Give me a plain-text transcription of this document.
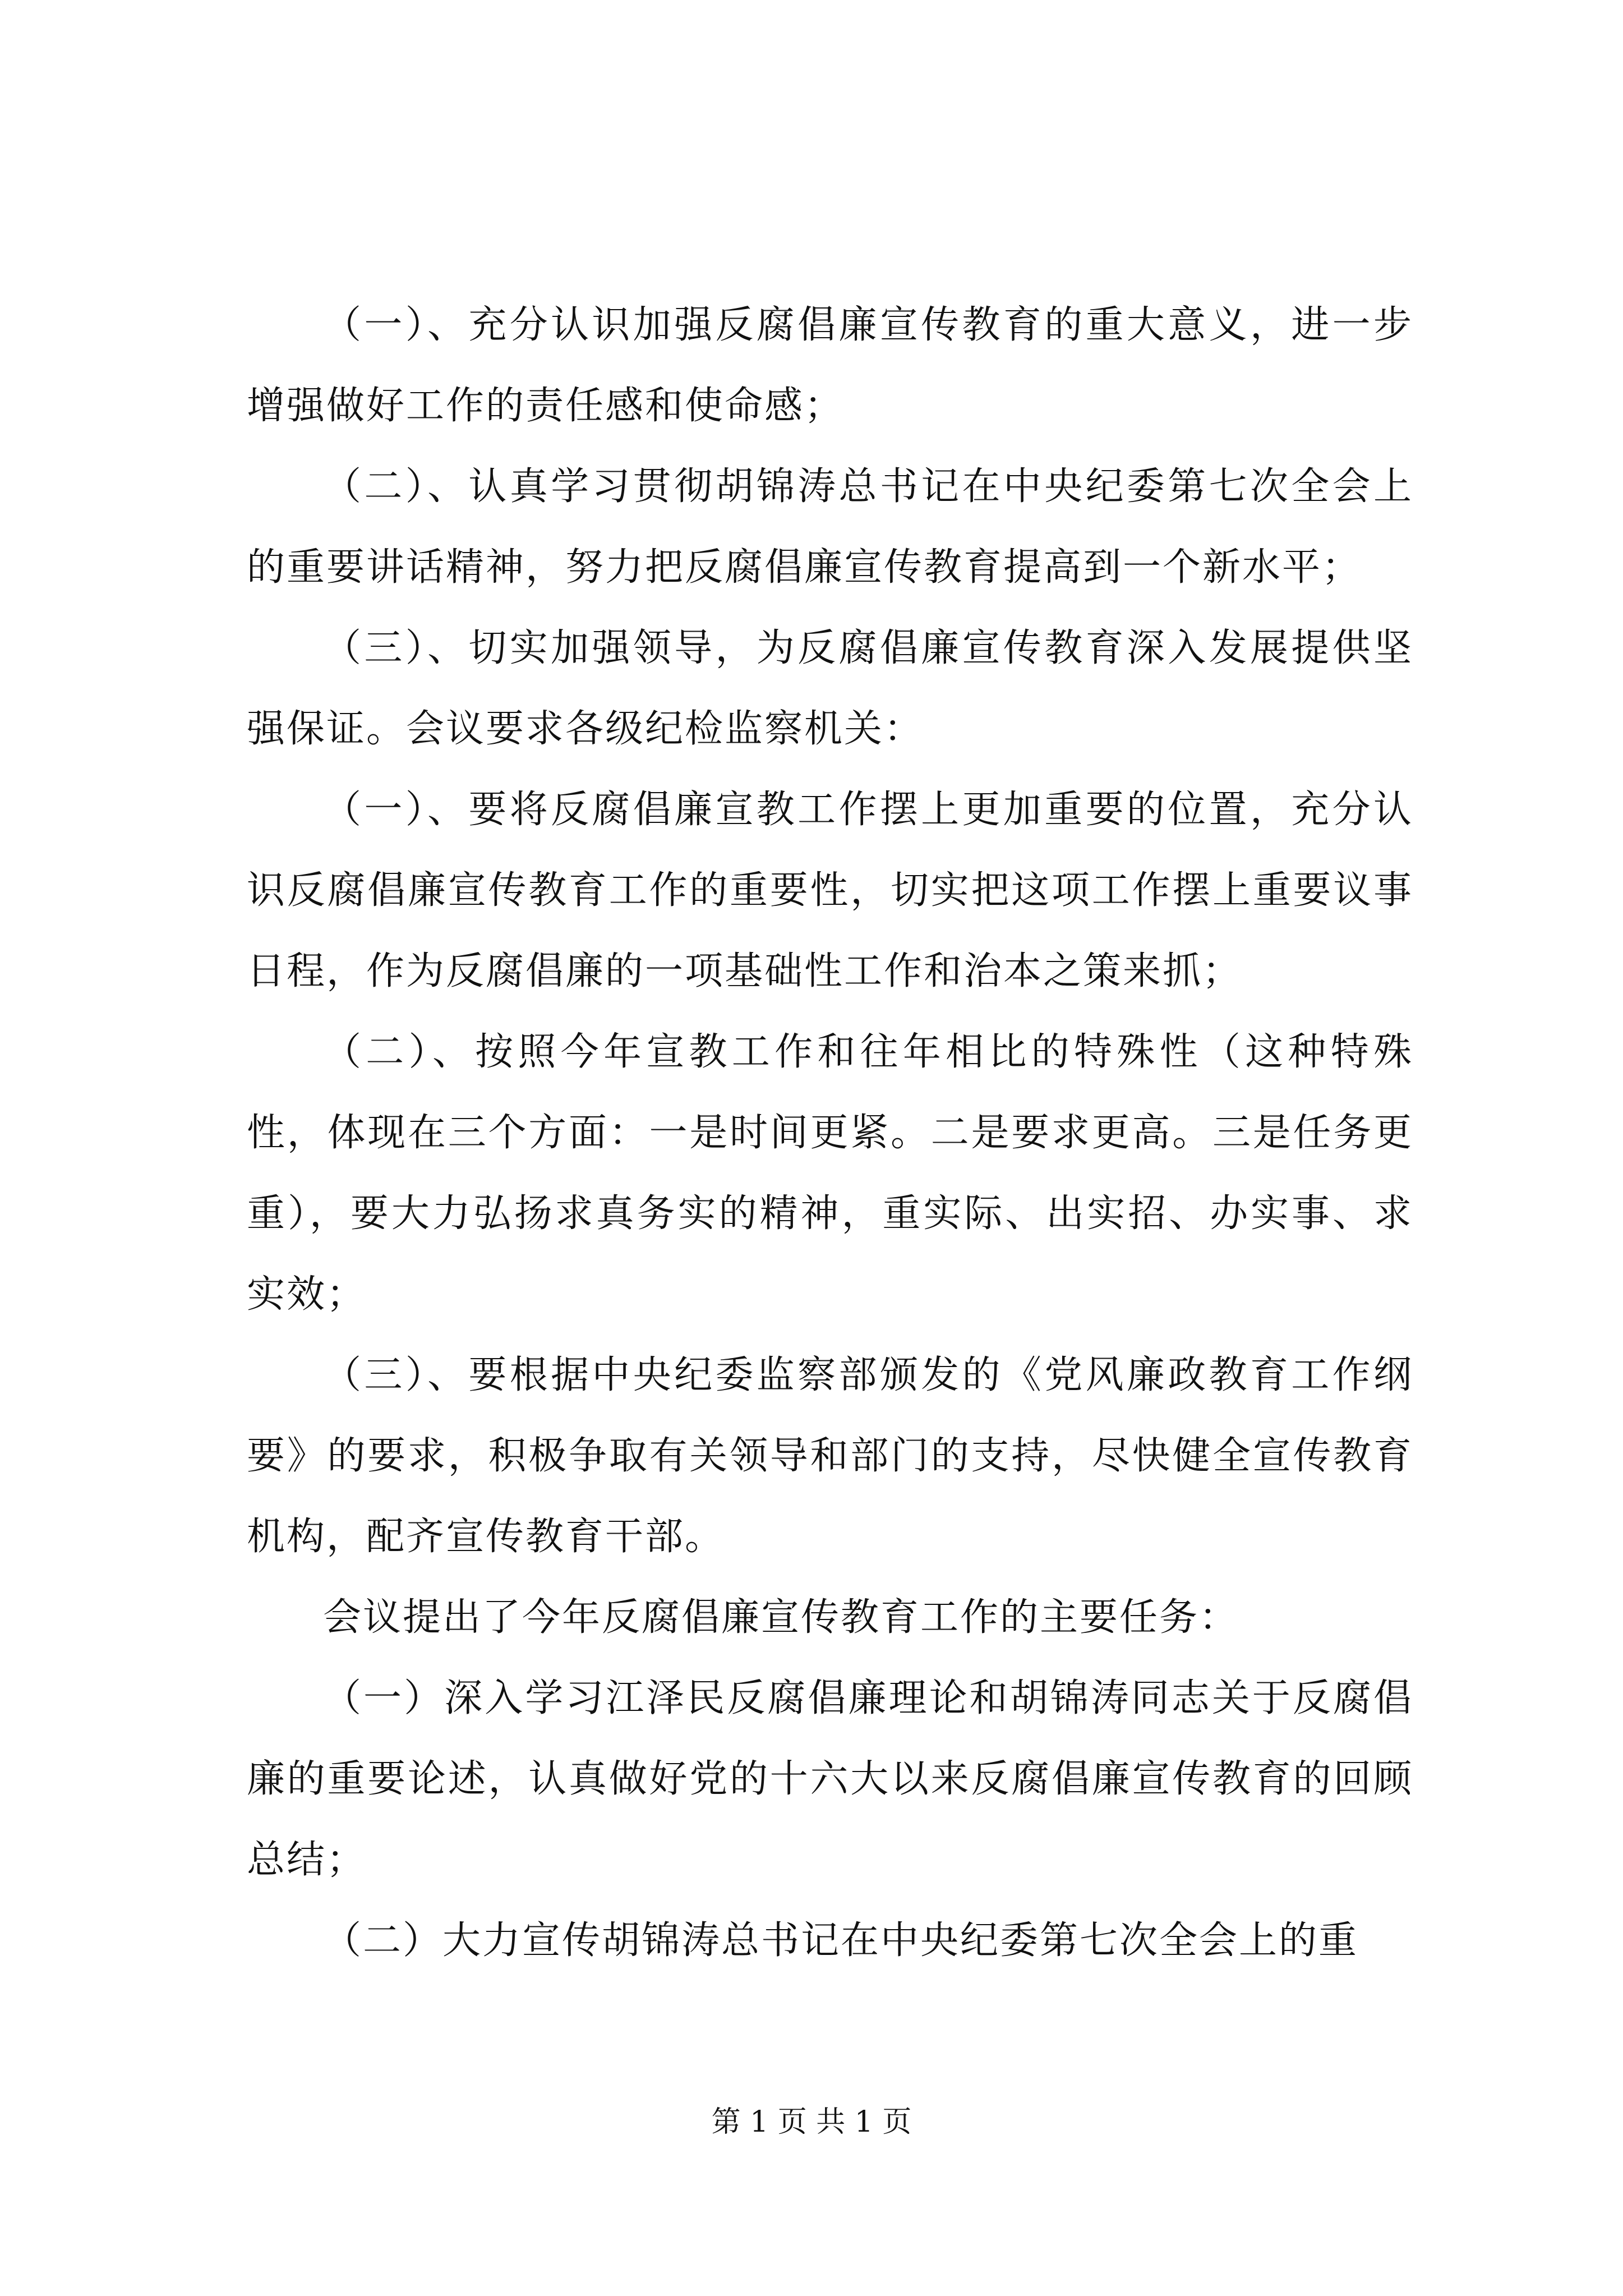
（一）、充分认识加强反腐倡廉宣传教育的重大意义，进一步增强做好工作的责任感和使命感；

（二）、认真学习贯彻胡锦涛总书记在中央纪委第七次全会上的重要讲话精神，努力把反腐倡廉宣传教育提高到一个新水平；

（三）、切实加强领导，为反腐倡廉宣传教育深入发展提供坚强保证。会议要求各级纪检监察机关：

（一）、要将反腐倡廉宣教工作摆上更加重要的位置，充分认识反腐倡廉宣传教育工作的重要性，切实把这项工作摆上重要议事日程，作为反腐倡廉的一项基础性工作和治本之策来抓；

（二）、按照今年宣教工作和往年相比的特殊性（这种特殊性，体现在三个方面：一是时间更紧。二是要求更高。三是任务更重），要大力弘扬求真务实的精神，重实际、出实招、办实事、求实效；

（三）、要根据中央纪委监察部颁发的《党风廉政教育工作纲要》的要求，积极争取有关领导和部门的支持，尽快健全宣传教育机构，配齐宣传教育干部。

会议提出了今年反腐倡廉宣传教育工作的主要任务：

（一）深入学习江泽民反腐倡廉理论和胡锦涛同志关于反腐倡廉的重要论述，认真做好党的十六大以来反腐倡廉宣传教育的回顾总结；

（二）大力宣传胡锦涛总书记在中央纪委第七次全会上的重

第 1 页 共 1 页
